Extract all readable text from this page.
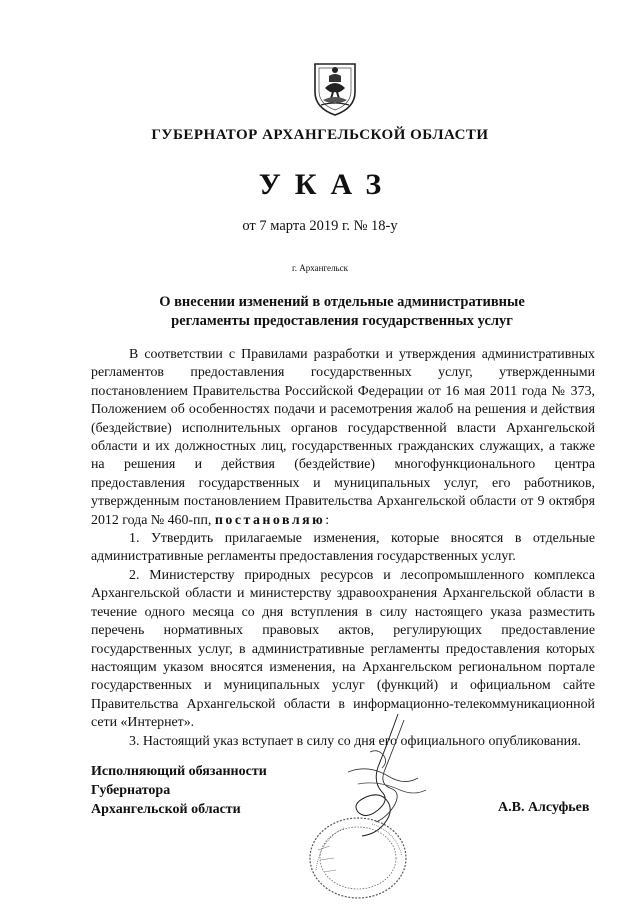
ГУБЕРНАТОР АРХАНГЕЛЬСКОЙ ОБЛАСТИ
УКАЗ
от 7 марта 2019 г. № 18-у
г. Архангельск
О внесении изменений в отдельные административные
регламенты предоставления государственных услуг

В соответствии с Правилами разработки и утверждения административных регламентов предоставления государственных услуг, утвержденными постановлением Правительства Российской Федерации от 16 мая 2011 года № 373, Положением об особенностях подачи и расемотрения жалоб на решения и действия (бездействие) исполнительных органов государственной власти Архангельской области и их должностных лиц, государственных гражданских служащих, а также на решения и действия (бездействие) многофункционального центра предоставления государственных и муниципальных услуг, его работников, утвержденным постановлением Правительства Архангельской области от 9 октября 2012 года № 460-пп, постановляю:

1. Утвердить прилагаемые изменения, которые вносятся в отдельные административные регламенты предоставления государственных услуг.

2. Министерству природных ресурсов и лесопромышленного комплекса Архангельской области и министерству здравоохранения Архангельской области в течение одного месяца со дня вступления в силу настоящего указа разместить перечень нормативных правовых актов, регулирующих предоставление государственных услуг, в административные регламенты предоставления которых настоящим указом вносятся изменения, на Архангельском региональном портале государственных и муниципальных услуг (функций) и официальном сайте Правительства Архангельской области в информационно-телекоммуникационной сети «Интернет».

3. Настоящий указ вступает в силу со дня его официального опубликования.

Исполняющий обязанности
Губернатора
Архангельской области	А.В. Алсуфьев
